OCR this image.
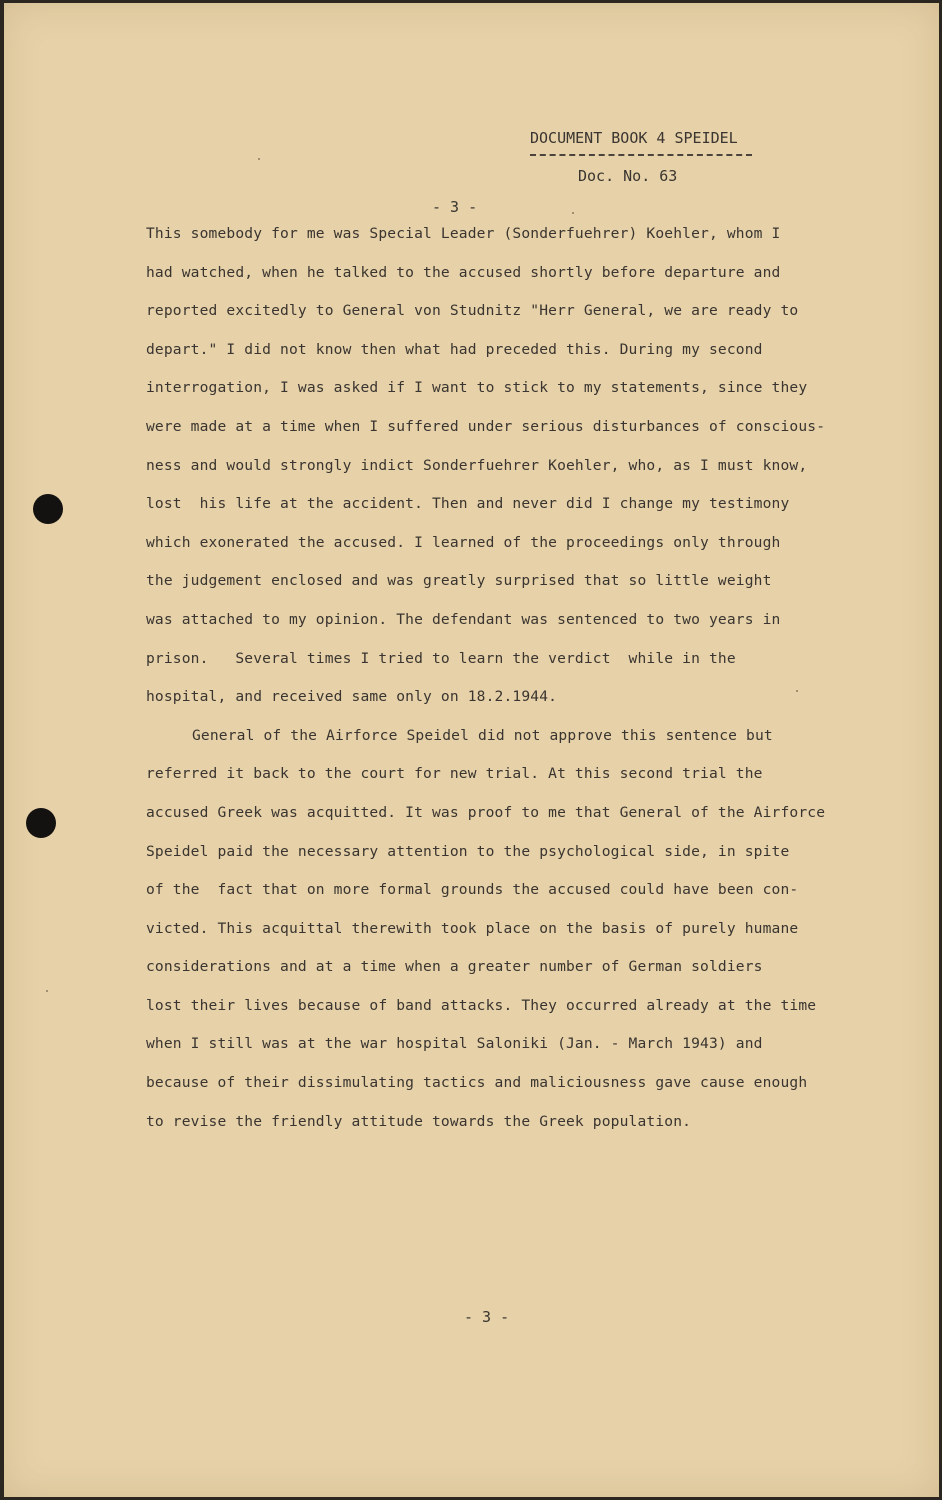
DOCUMENT BOOK 4 SPEIDEL
Doc. No. 63
- 3 -
This somebody for me was Special Leader (Sonderfuehrer) Koehler, whom I
had watched, when he talked to the accused shortly before departure and
reported excitedly to General von Studnitz "Herr General, we are ready to
depart." I did not know then what had preceded this. During my second
interrogation, I was asked if I want to stick to my statements, since they
were made at a time when I suffered under serious disturbances of conscious-
ness and would strongly indict Sonderfuehrer Koehler, who, as I must know,
lost  his life at the accident. Then and never did I change my testimony
which exonerated the accused. I learned of the proceedings only through
the judgement enclosed and was greatly surprised that so little weight
was attached to my opinion. The defendant was sentenced to two years in
prison.   Several times I tried to learn the verdict  while in the
hospital, and received same only on 18.2.1944.
General of the Airforce Speidel did not approve this sentence but
referred it back to the court for new trial. At this second trial the
accused Greek was acquitted. It was proof to me that General of the Airforce
Speidel paid the necessary attention to the psychological side, in spite
of the  fact that on more formal grounds the accused could have been con-
victed. This acquittal therewith took place on the basis of purely humane
considerations and at a time when a greater number of German soldiers
lost their lives because of band attacks. They occurred already at the time
when I still was at the war hospital Saloniki (Jan. - March 1943) and
because of their dissimulating tactics and maliciousness gave cause enough
to revise the friendly attitude towards the Greek population.
- 3 -
